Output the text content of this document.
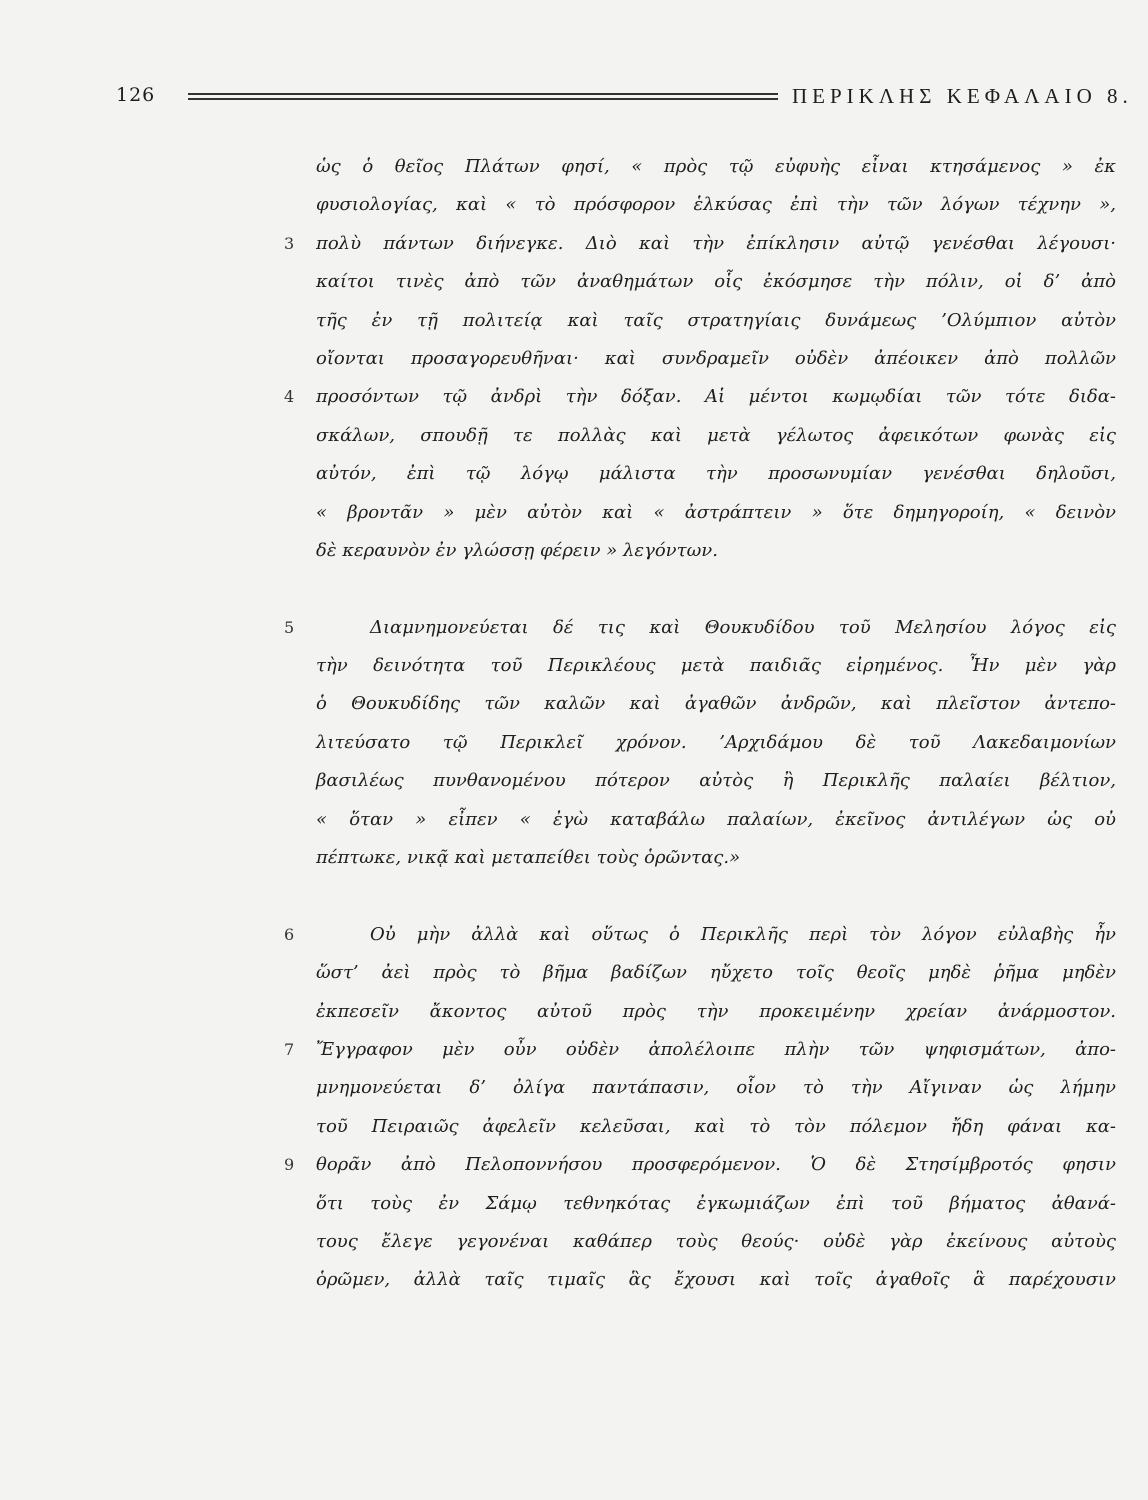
126	ΠΕΡΙΚΛΗΣ ΚΕΦΑΛΑΙΟ 8.
ὡς ὁ θεῖος Πλάτων φησί, « πρὸς τῷ εὐφυὴς εἶναι κτησάμενος » ἐκ
φυσιολογίας, καὶ « τὸ πρόσφορον ἑλκύσας ἐπὶ τὴν τῶν λόγων τέχνην »,
3 πολὺ πάντων διήνεγκε. Διὸ καὶ τὴν ἐπίκλησιν αὐτῷ γενέσθαι λέγουσι·
καίτοι τινὲς ἀπὸ τῶν ἀναθημάτων οἷς ἐκόσμησε τὴν πόλιν, οἱ δ’ ἀπὸ
τῆς ἐν τῇ πολιτείᾳ καὶ ταῖς στρατηγίαις δυνάμεως ’Ολύμπιον αὐτὸν
οἴονται προσαγορευθῆναι· καὶ συνδραμεῖν οὐδὲν ἀπέοικεν ἀπὸ πολλῶν
4 προσόντων τῷ ἀνδρὶ τὴν δόξαν. Αἱ μέντοι κωμῳδίαι τῶν τότε διδα-
σκάλων, σπουδῇ τε πολλὰς καὶ μετὰ γέλωτος ἀφεικότων φωνὰς εἰς
αὐτόν, ἐπὶ τῷ λόγῳ μάλιστα τὴν προσωνυμίαν γενέσθαι δηλοῦσι,
« βροντᾶν » μὲν αὐτὸν καὶ « ἀστράπτειν » ὅτε δημηγοροίη, « δεινὸν
δὲ κεραυνὸν ἐν γλώσσῃ φέρειν » λεγόντων.
5	Διαμνημονεύεται δέ τις καὶ Θουκυδίδου τοῦ Μελησίου λόγος εἰς
τὴν δεινότητα τοῦ Περικλέους μετὰ παιδιᾶς εἰρημένος. Ἦν μὲν γὰρ
ὁ Θουκυδίδης τῶν καλῶν καὶ ἀγαθῶν ἀνδρῶν, καὶ πλεῖστον ἀντεπο-
λιτεύσατο τῷ Περικλεῖ χρόνον. ’Αρχιδάμου δὲ τοῦ Λακεδαιμονίων
βασιλέως πυνθανομένου πότερον αὐτὸς ἢ Περικλῆς παλαίει βέλτιον,
« ὅταν » εἶπεν « ἐγὼ καταβάλω παλαίων, ἐκεῖνος ἀντιλέγων ὡς οὐ
πέπτωκε, νικᾷ καὶ μεταπείθει τοὺς ὁρῶντας.»
6	Οὐ μὴν ἀλλὰ καὶ οὕτως ὁ Περικλῆς περὶ τὸν λόγον εὐλαβὴς ἦν
ὥστ’ ἀεὶ πρὸς τὸ βῆμα βαδίζων ηὔχετο τοῖς θεοῖς μηδὲ ῥῆμα μηδὲν
ἐκπεσεῖν ἄκοντος αὐτοῦ πρὸς τὴν προκειμένην χρείαν ἀνάρμοστον.
7 Ἔγγραφον μὲν οὖν οὐδὲν ἀπολέλοιπε πλὴν τῶν ψηφισμάτων, ἀπο-
μνημονεύεται δ’ ὀλίγα παντάπασιν, οἷον τὸ τὴν Αἴγιναν ὡς λήμην
τοῦ Πειραιῶς ἀφελεῖν κελεῦσαι, καὶ τὸ τὸν πόλεμον ἤδη φάναι κα-
9 θορᾶν ἀπὸ Πελοποννήσου προσφερόμενον. Ὁ δὲ Στησίμβροτός φησιν
ὅτι τοὺς ἐν Σάμῳ τεθνηκότας ἐγκωμιάζων ἐπὶ τοῦ βήματος ἀθανά-
τους ἔλεγε γεγονέναι καθάπερ τοὺς θεούς· οὐδὲ γὰρ ἐκείνους αὐτοὺς
ὁρῶμεν, ἀλλὰ ταῖς τιμαῖς ἃς ἔχουσι καὶ τοῖς ἀγαθοῖς ἃ παρέχουσιν
